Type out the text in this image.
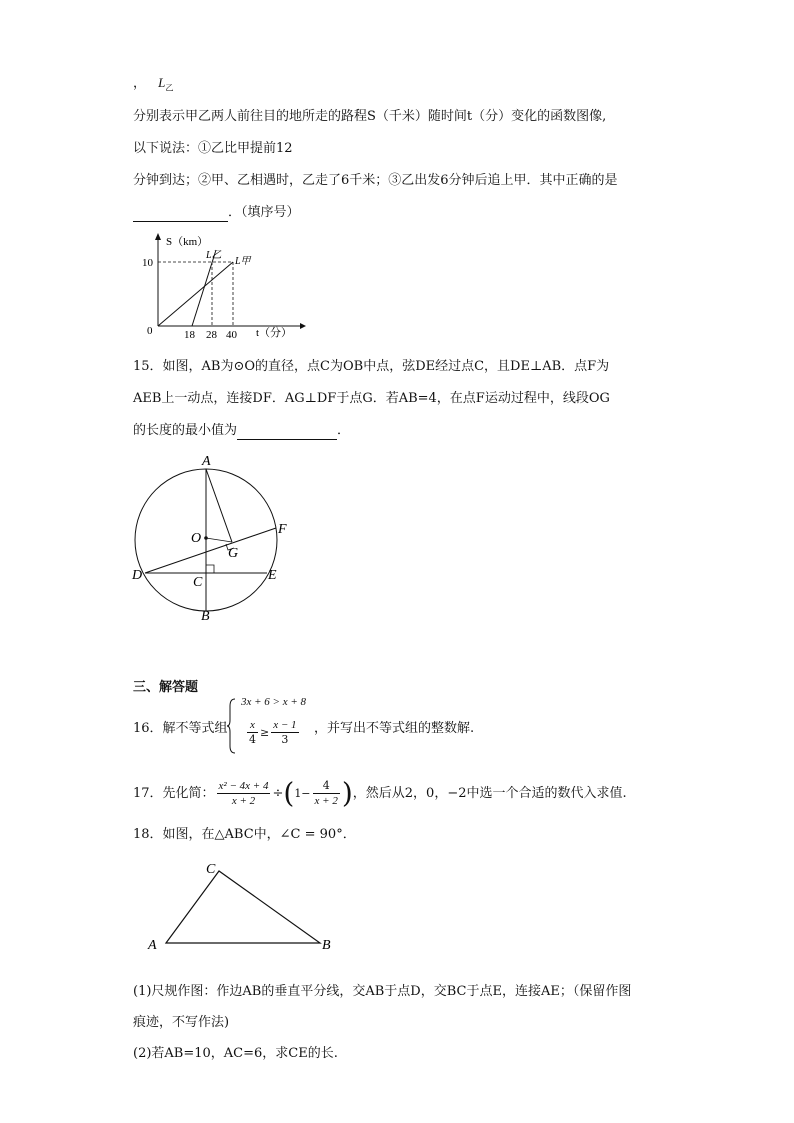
， $L_乙$
分别表示甲乙两人前往目的地所走的路程S（千米）随时间t（分）变化的函数图像,
以下说法：①乙比甲提前12
分钟到达；②甲、乙相遇时，乙走了6千米；③乙出发6分钟后追上甲．其中正确的是
．（填序号）
S（km）
t（分）
10
0	18 28 40
L乙
L甲
15．如图，AB为⊙O的直径，点C为OB中点，弦DE经过点C，且DE⊥AB．点F为
AEB上一动点，连接DF．AG⊥DF于点G．若AB=4，在点F运动过程中，线段OG
的长度的最小值为	．
A
B
C
D	E
F
G
O
三、解答题
16．解不等式组
3x + 6 > x + 8
$\frac{x}{4} \ge \frac{x - 1}{3}$ ，并写出不等式组的整数解.
17．先化简： $\frac{\text{x² − 4x + 4}}{x + 2} \div(1- \frac{4}{x + 2}$ )，然后从2，0，−2中选一个合适的数代入求值.
18．如图，在△ABC中，∠C = 90°．
C
A	B
(1)尺规作图：作边AB的垂直平分线，交AB于点D，交BC于点E，连接AE；（保留作图
痕迹，不写作法)
(2)若AB=10，AC=6，求CE的长.
